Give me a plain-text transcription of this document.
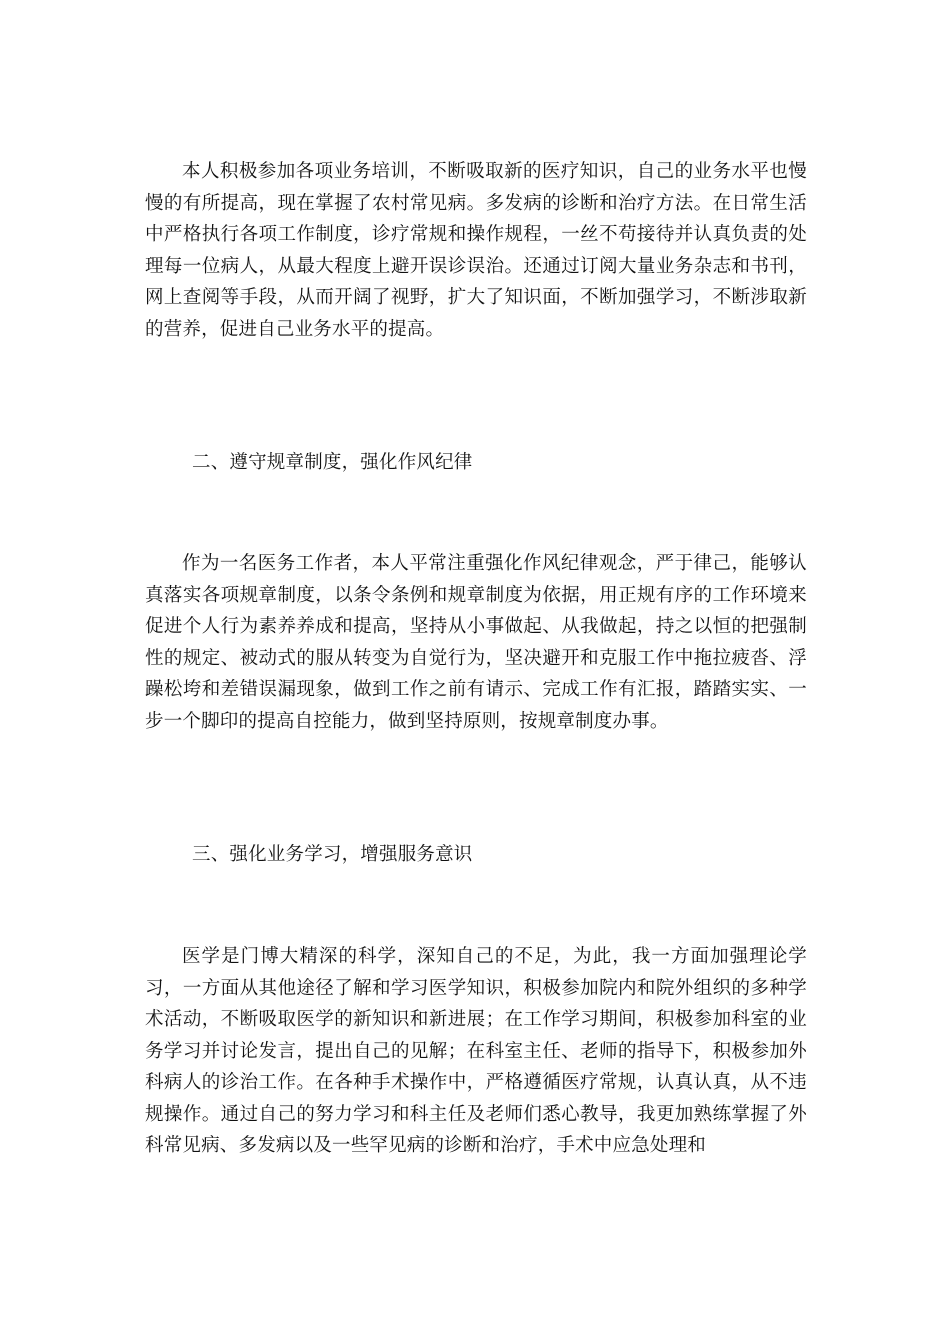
本人积极参加各项业务培训，不断吸取新的医疗知识，自己的业务水平也慢慢的有所提高，现在掌握了农村常见病。多发病的诊断和治疗方法。在日常生活中严格执行各项工作制度，诊疗常规和操作规程，一丝不苟接待并认真负责的处理每一位病人，从最大程度上避开误诊误治。还通过订阅大量业务杂志和书刊，网上查阅等手段，从而开阔了视野，扩大了知识面，不断加强学习，不断涉取新的营养，促进自己业务水平的提高。

二、遵守规章制度，强化作风纪律

作为一名医务工作者，本人平常注重强化作风纪律观念，严于律己，能够认真落实各项规章制度，以条令条例和规章制度为依据，用正规有序的工作环境来促进个人行为素养养成和提高，坚持从小事做起、从我做起，持之以恒的把强制性的规定、被动式的服从转变为自觉行为，坚决避开和克服工作中拖拉疲沓、浮躁松垮和差错误漏现象，做到工作之前有请示、完成工作有汇报，踏踏实实、一步一个脚印的提高自控能力，做到坚持原则，按规章制度办事。

三、强化业务学习，增强服务意识

医学是门博大精深的科学，深知自己的不足，为此，我一方面加强理论学习，一方面从其他途径了解和学习医学知识，积极参加院内和院外组织的多种学术活动，不断吸取医学的新知识和新进展；在工作学习期间，积极参加科室的业务学习并讨论发言，提出自己的见解；在科室主任、老师的指导下，积极参加外科病人的诊治工作。在各种手术操作中，严格遵循医疗常规，认真认真，从不违规操作。通过自己的努力学习和科主任及老师们悉心教导，我更加熟练掌握了外科常见病、多发病以及一些罕见病的诊断和治疗，手术中应急处理和
